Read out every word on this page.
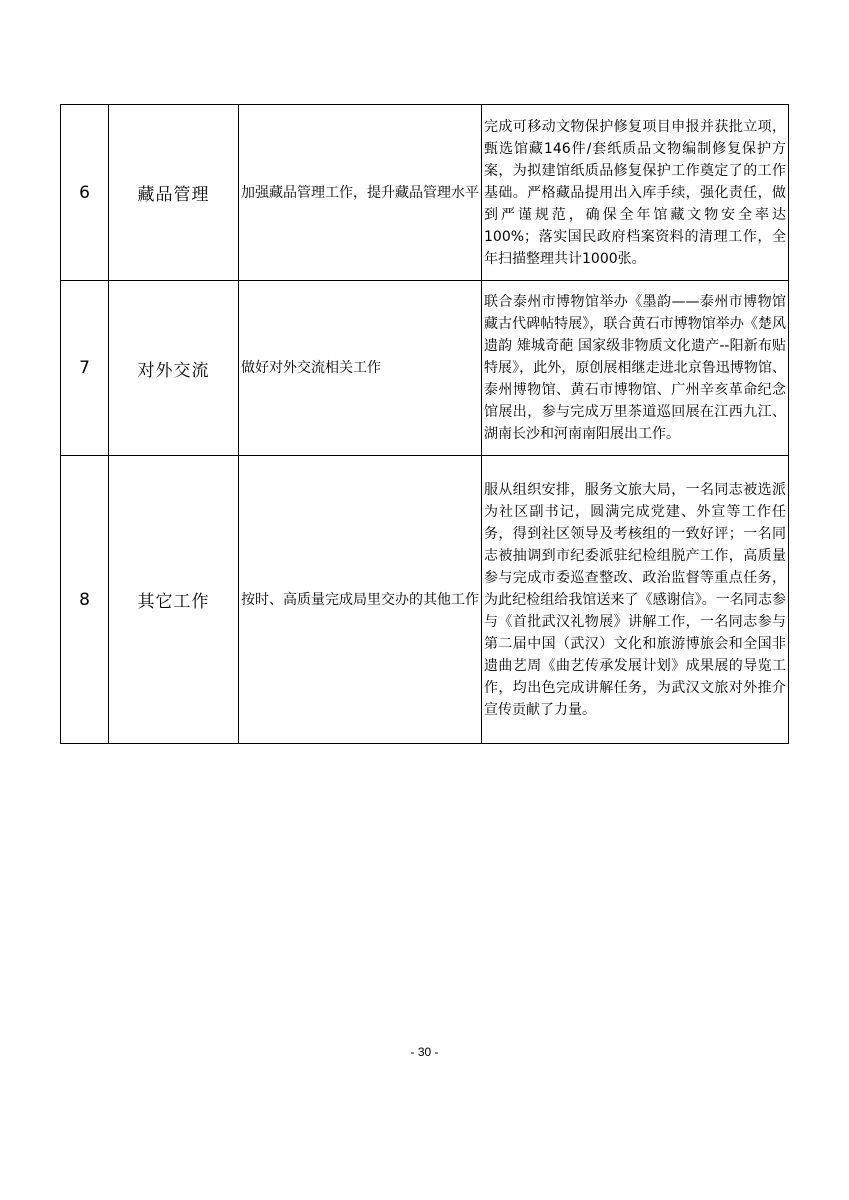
6	藏品管理	加强藏品管理工作，提升藏品管理水平	完成可移动文物保护修复项目申报并获批立项，甄选馆藏146件/套纸质品文物编制修复保护方案，为拟建馆纸质品修复保护工作奠定了的工作基础。严格藏品提用出入库手续，强化责任，做到严谨规范，确保全年馆藏文物安全率达100%；落实国民政府档案资料的清理工作，全年扫描整理共计1000张。
7	对外交流	做好对外交流相关工作	联合泰州市博物馆举办《墨韵——泰州市博物馆藏古代碑帖特展》，联合黄石市博物馆举办《楚风遗韵 雉城奇葩 国家级非物质文化遗产--阳新布贴特展》，此外，原创展相继走进北京鲁迅博物馆、泰州博物馆、黄石市博物馆、广州辛亥革命纪念馆展出，参与完成万里茶道巡回展在江西九江、湖南长沙和河南南阳展出工作。
8	其它工作	按时、高质量完成局里交办的其他工作	服从组织安排，服务文旅大局，一名同志被选派为社区副书记，圆满完成党建、外宣等工作任务，得到社区领导及考核组的一致好评；一名同志被抽调到市纪委派驻纪检组脱产工作，高质量参与完成市委巡查整改、政治监督等重点任务，为此纪检组给我馆送来了《感谢信》。一名同志参与《首批武汉礼物展》讲解工作，一名同志参与第二届中国（武汉）文化和旅游博旅会和全国非遗曲艺周《曲艺传承发展计划》成果展的导览工作，均出色完成讲解任务，为武汉文旅对外推介宣传贡献了力量。
- 30 -
